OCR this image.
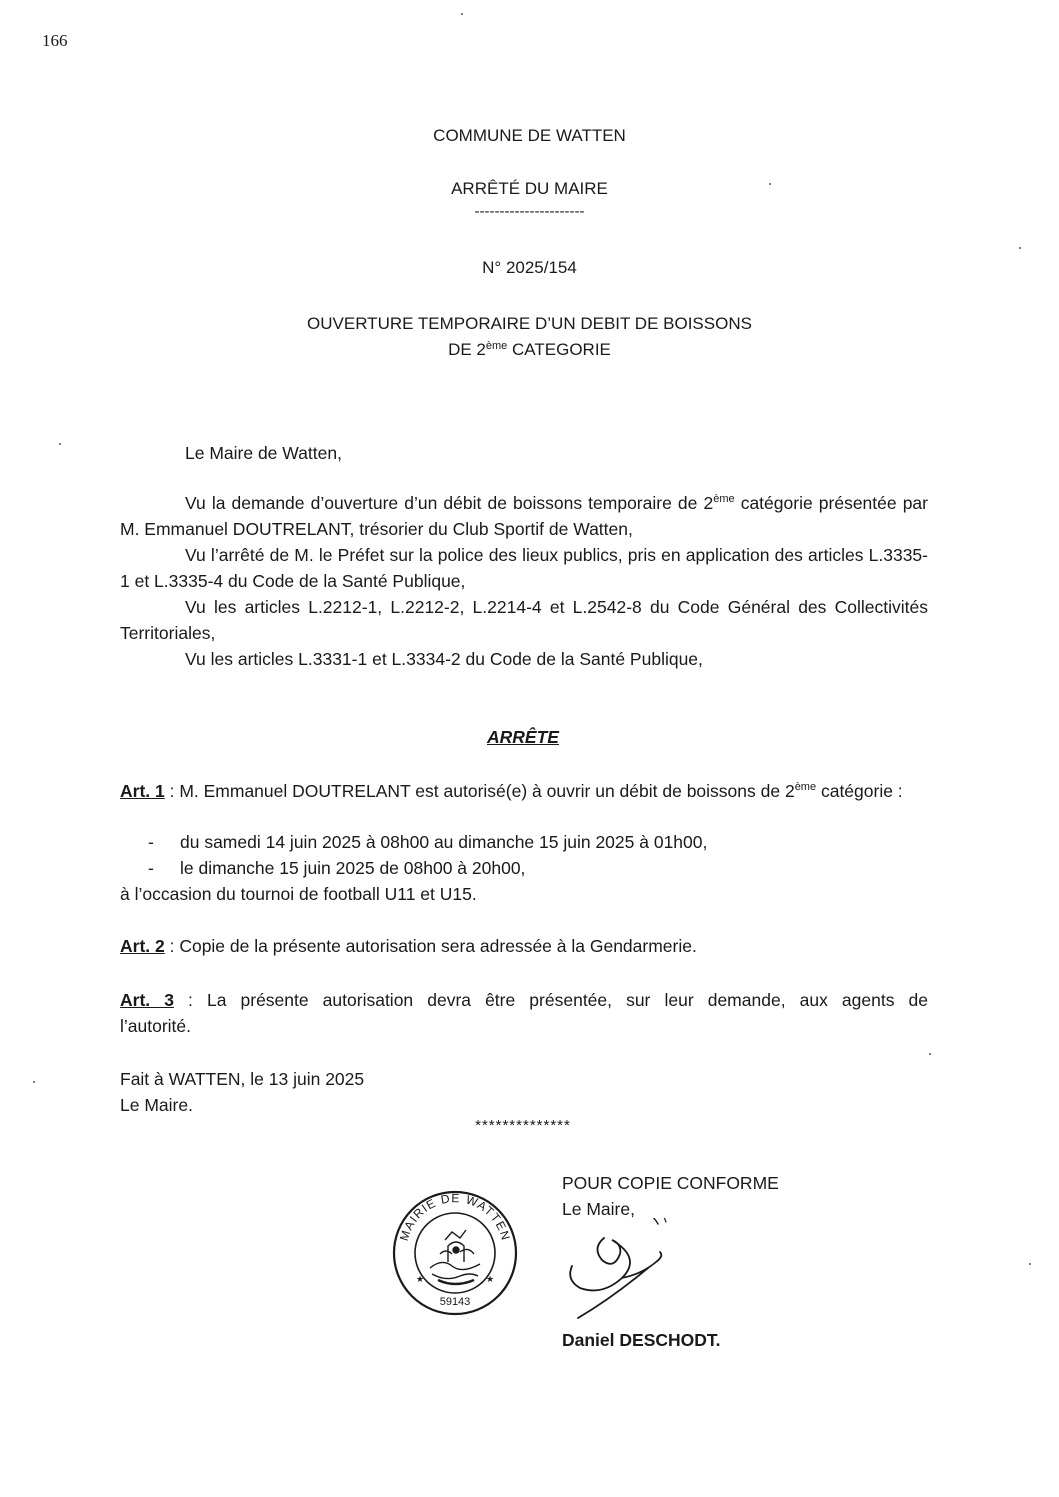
166
COMMUNE DE WATTEN
ARRÊTÉ DU MAIRE
----------------------
N° 2025/154
OUVERTURE TEMPORAIRE D’UN DEBIT DE BOISSONS
DE 2ème CATEGORIE
Le Maire de Watten,

Vu la demande d’ouverture d’un débit de boissons temporaire de 2ème catégorie présentée par M. Emmanuel DOUTRELANT, trésorier du Club Sportif de Watten,

Vu l’arrêté de M. le Préfet sur la police des lieux publics, pris en application des articles L.3335-1 et L.3335-4 du Code de la Santé Publique,

Vu les articles L.2212-1, L.2212-2, L.2214-4 et L.2542-8 du Code Général des Collectivités Territoriales,

Vu les articles L.3331-1 et L.3334-2 du Code de la Santé Publique,

ARRÊTE
Art. 1 : M. Emmanuel DOUTRELANT est autorisé(e) à ouvrir un débit de boissons de 2ème catégorie :
- du samedi 14 juin 2025 à 08h00 au dimanche 15 juin 2025 à 01h00,
- le dimanche 15 juin 2025 de 08h00 à 20h00,
à l’occasion du tournoi de football U11 et U15.
Art. 2 : Copie de la présente autorisation sera adressée à la Gendarmerie.
Art. 3 : La présente autorisation devra être présentée, sur leur demande, aux agents de
l’autorité.
Fait à WATTEN, le 13 juin 2025
Le Maire.
**************
POUR COPIE CONFORME
Le Maire,
MAIRIE DE WATTEN
59143
★	★
Daniel DESCHODT.
